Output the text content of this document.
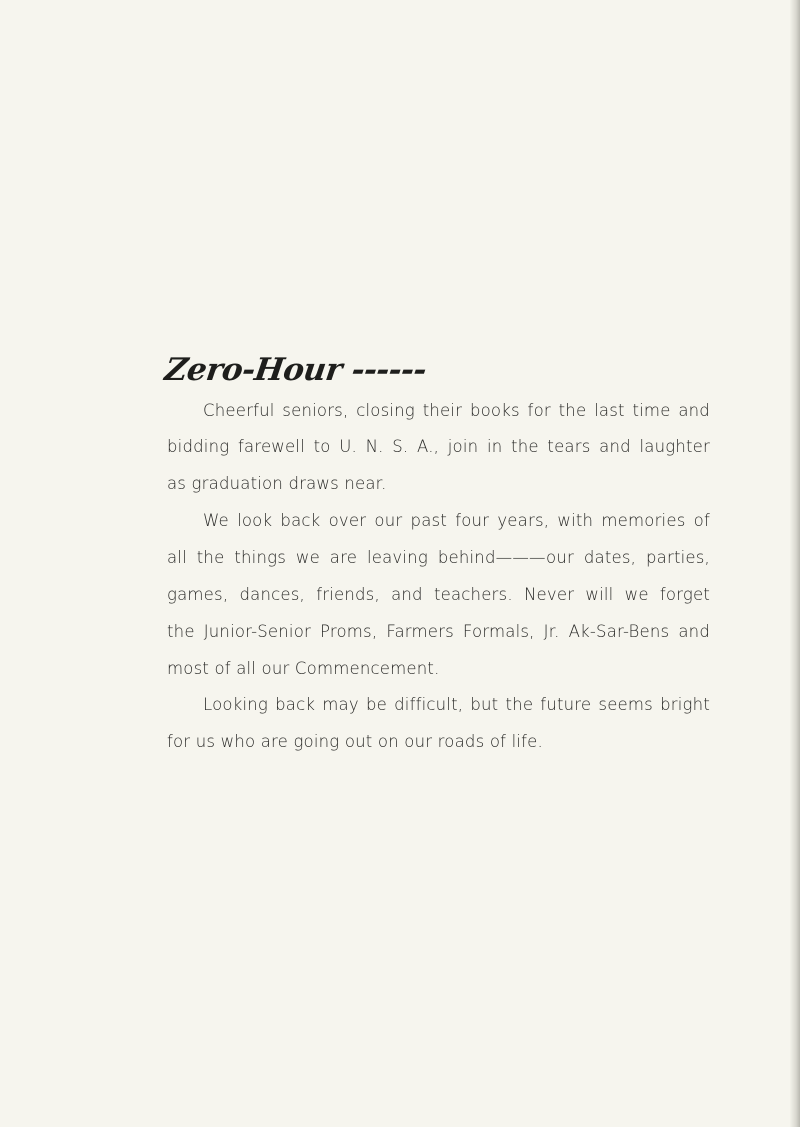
Zero-Hour ------
Cheerful seniors, closing their books for the last time and
bidding farewell to U. N. S. A., join in the tears and laughter
as graduation draws near.
We look back over our past four years, with memories of
all the things we are leaving behind———our dates, parties,
games, dances, friends, and teachers. Never will we forget
the Junior-Senior Proms, Farmers Formals, Jr. Ak-Sar-Bens and
most of all our Commencement.
Looking back may be difficult, but the future seems bright
for us who are going out on our roads of life.
